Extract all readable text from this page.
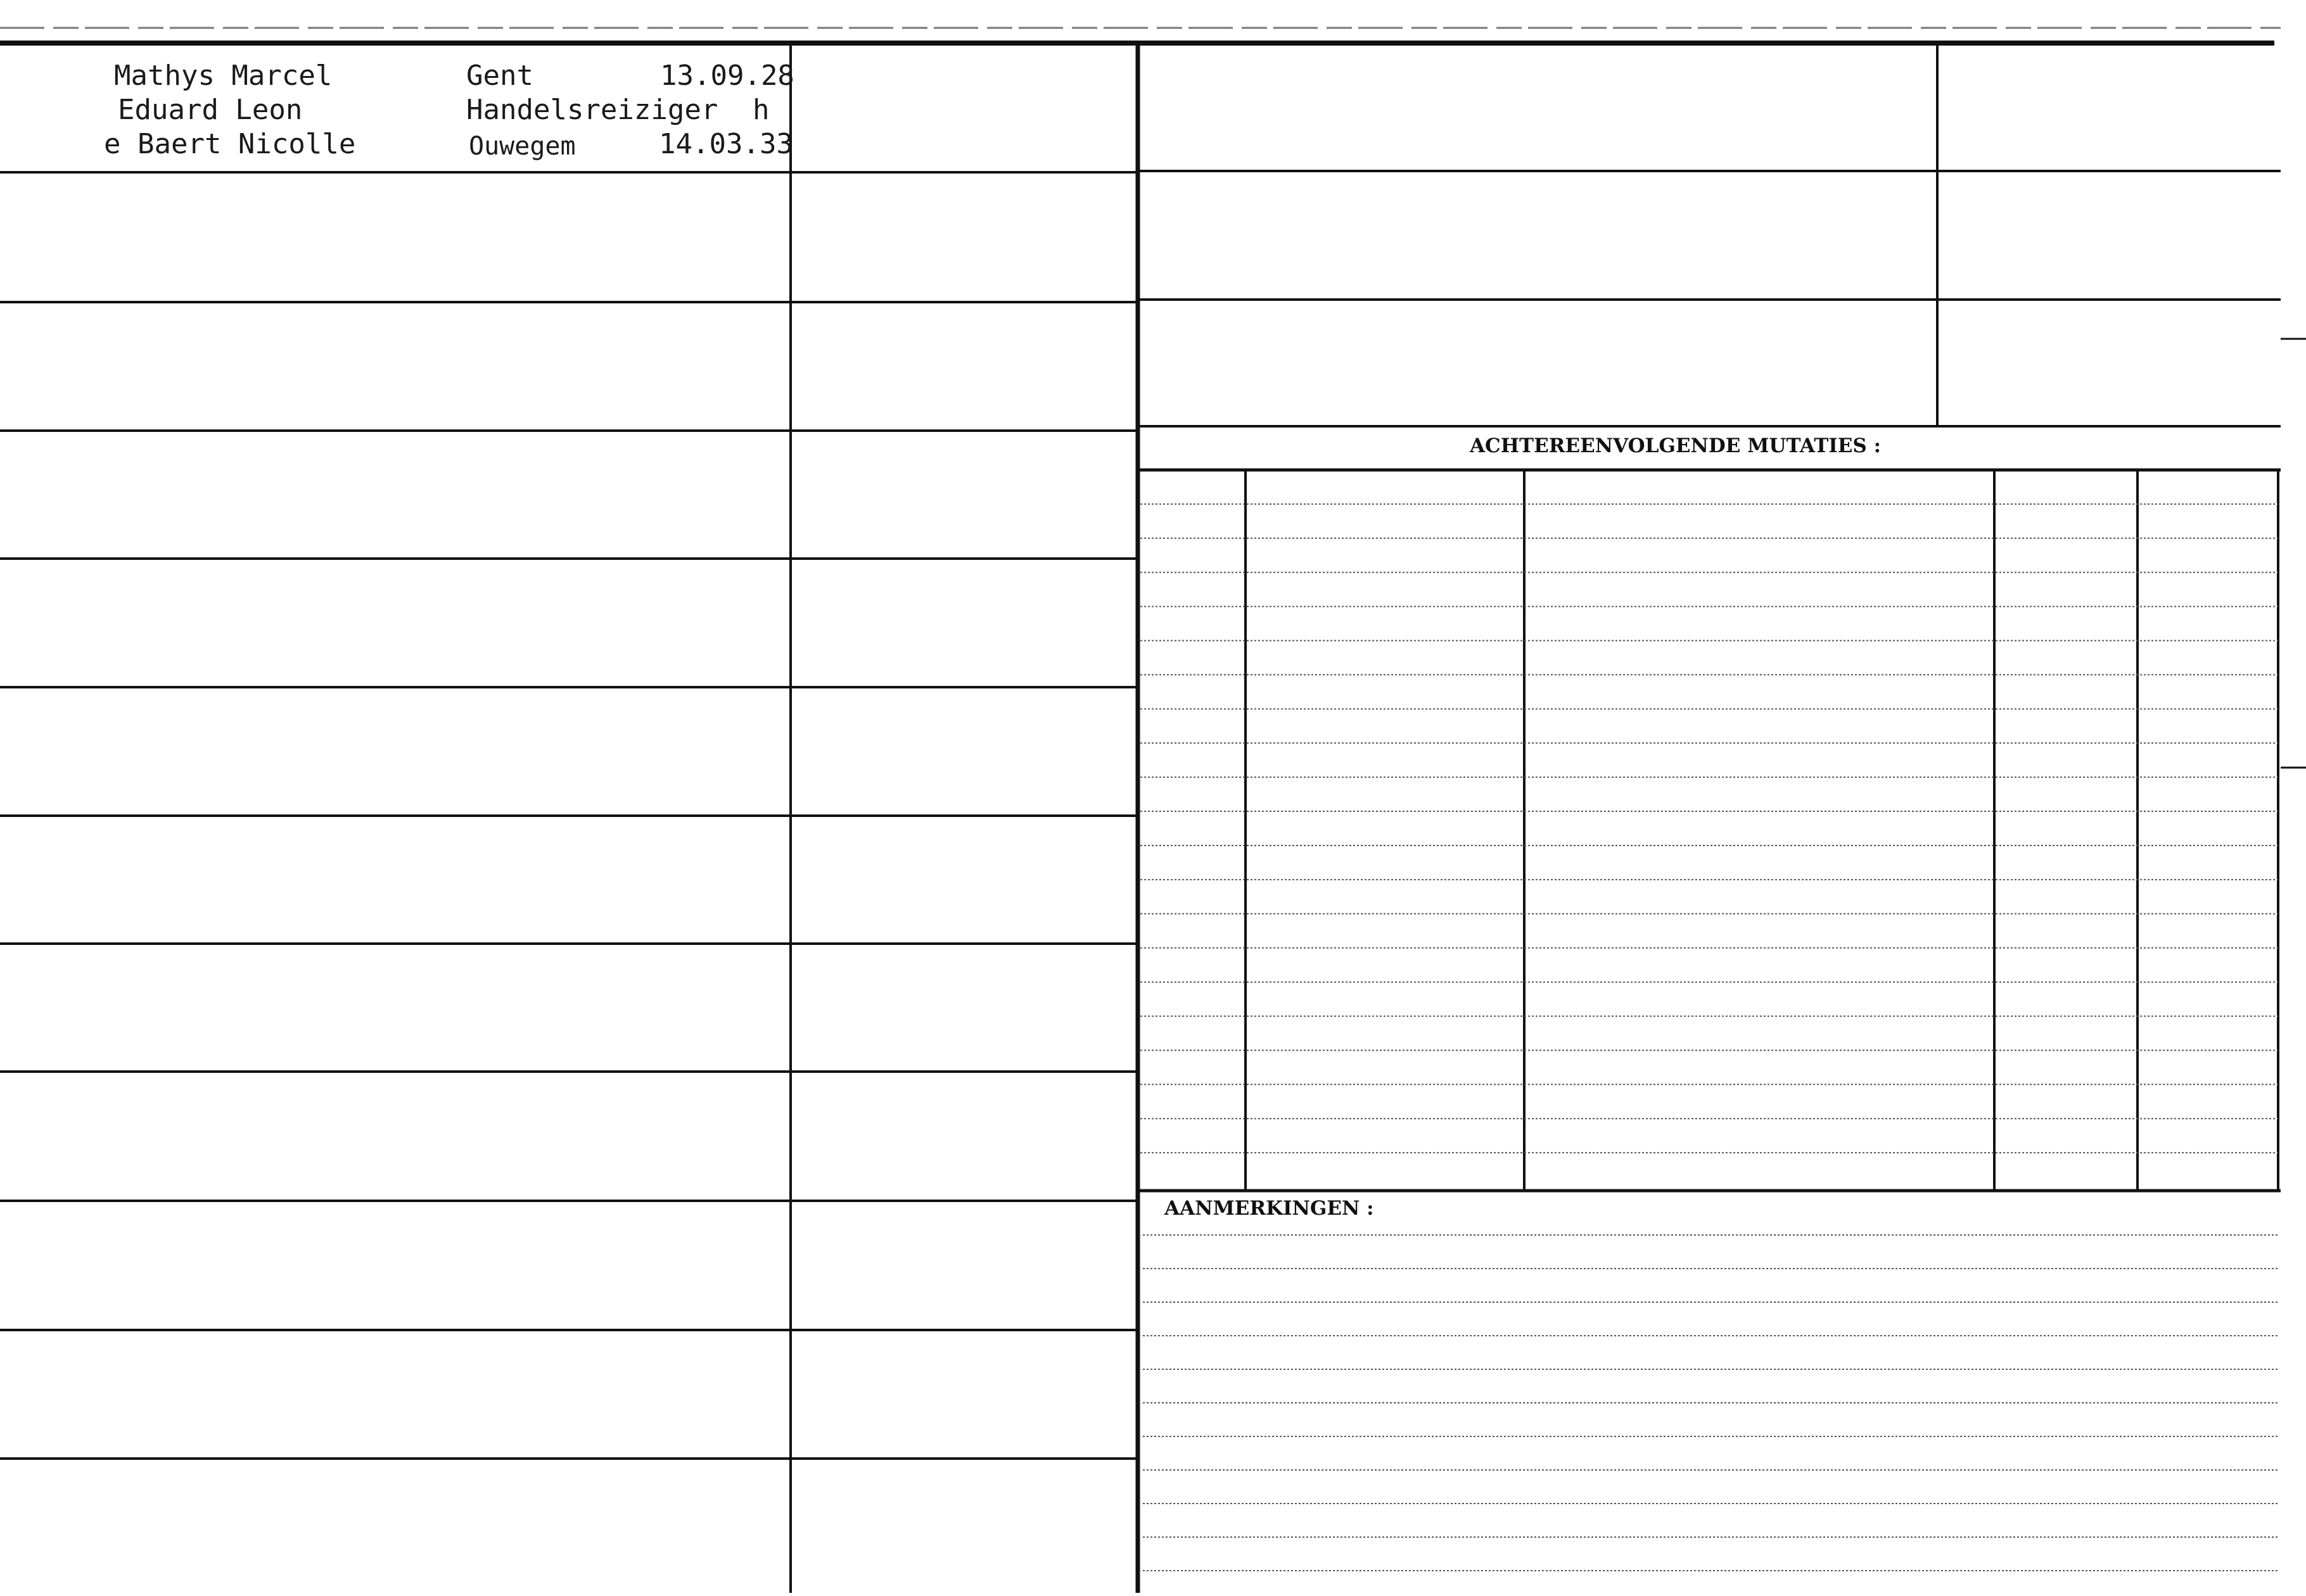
Mathys Marcel	Gent	13.09.28
Eduard Leon	Handelsreiziger h
e Baert Nicolle	Ouwegem	14.03.33
ACHTEREENVOLGENDE MUTATIES :
AANMERKINGEN :
